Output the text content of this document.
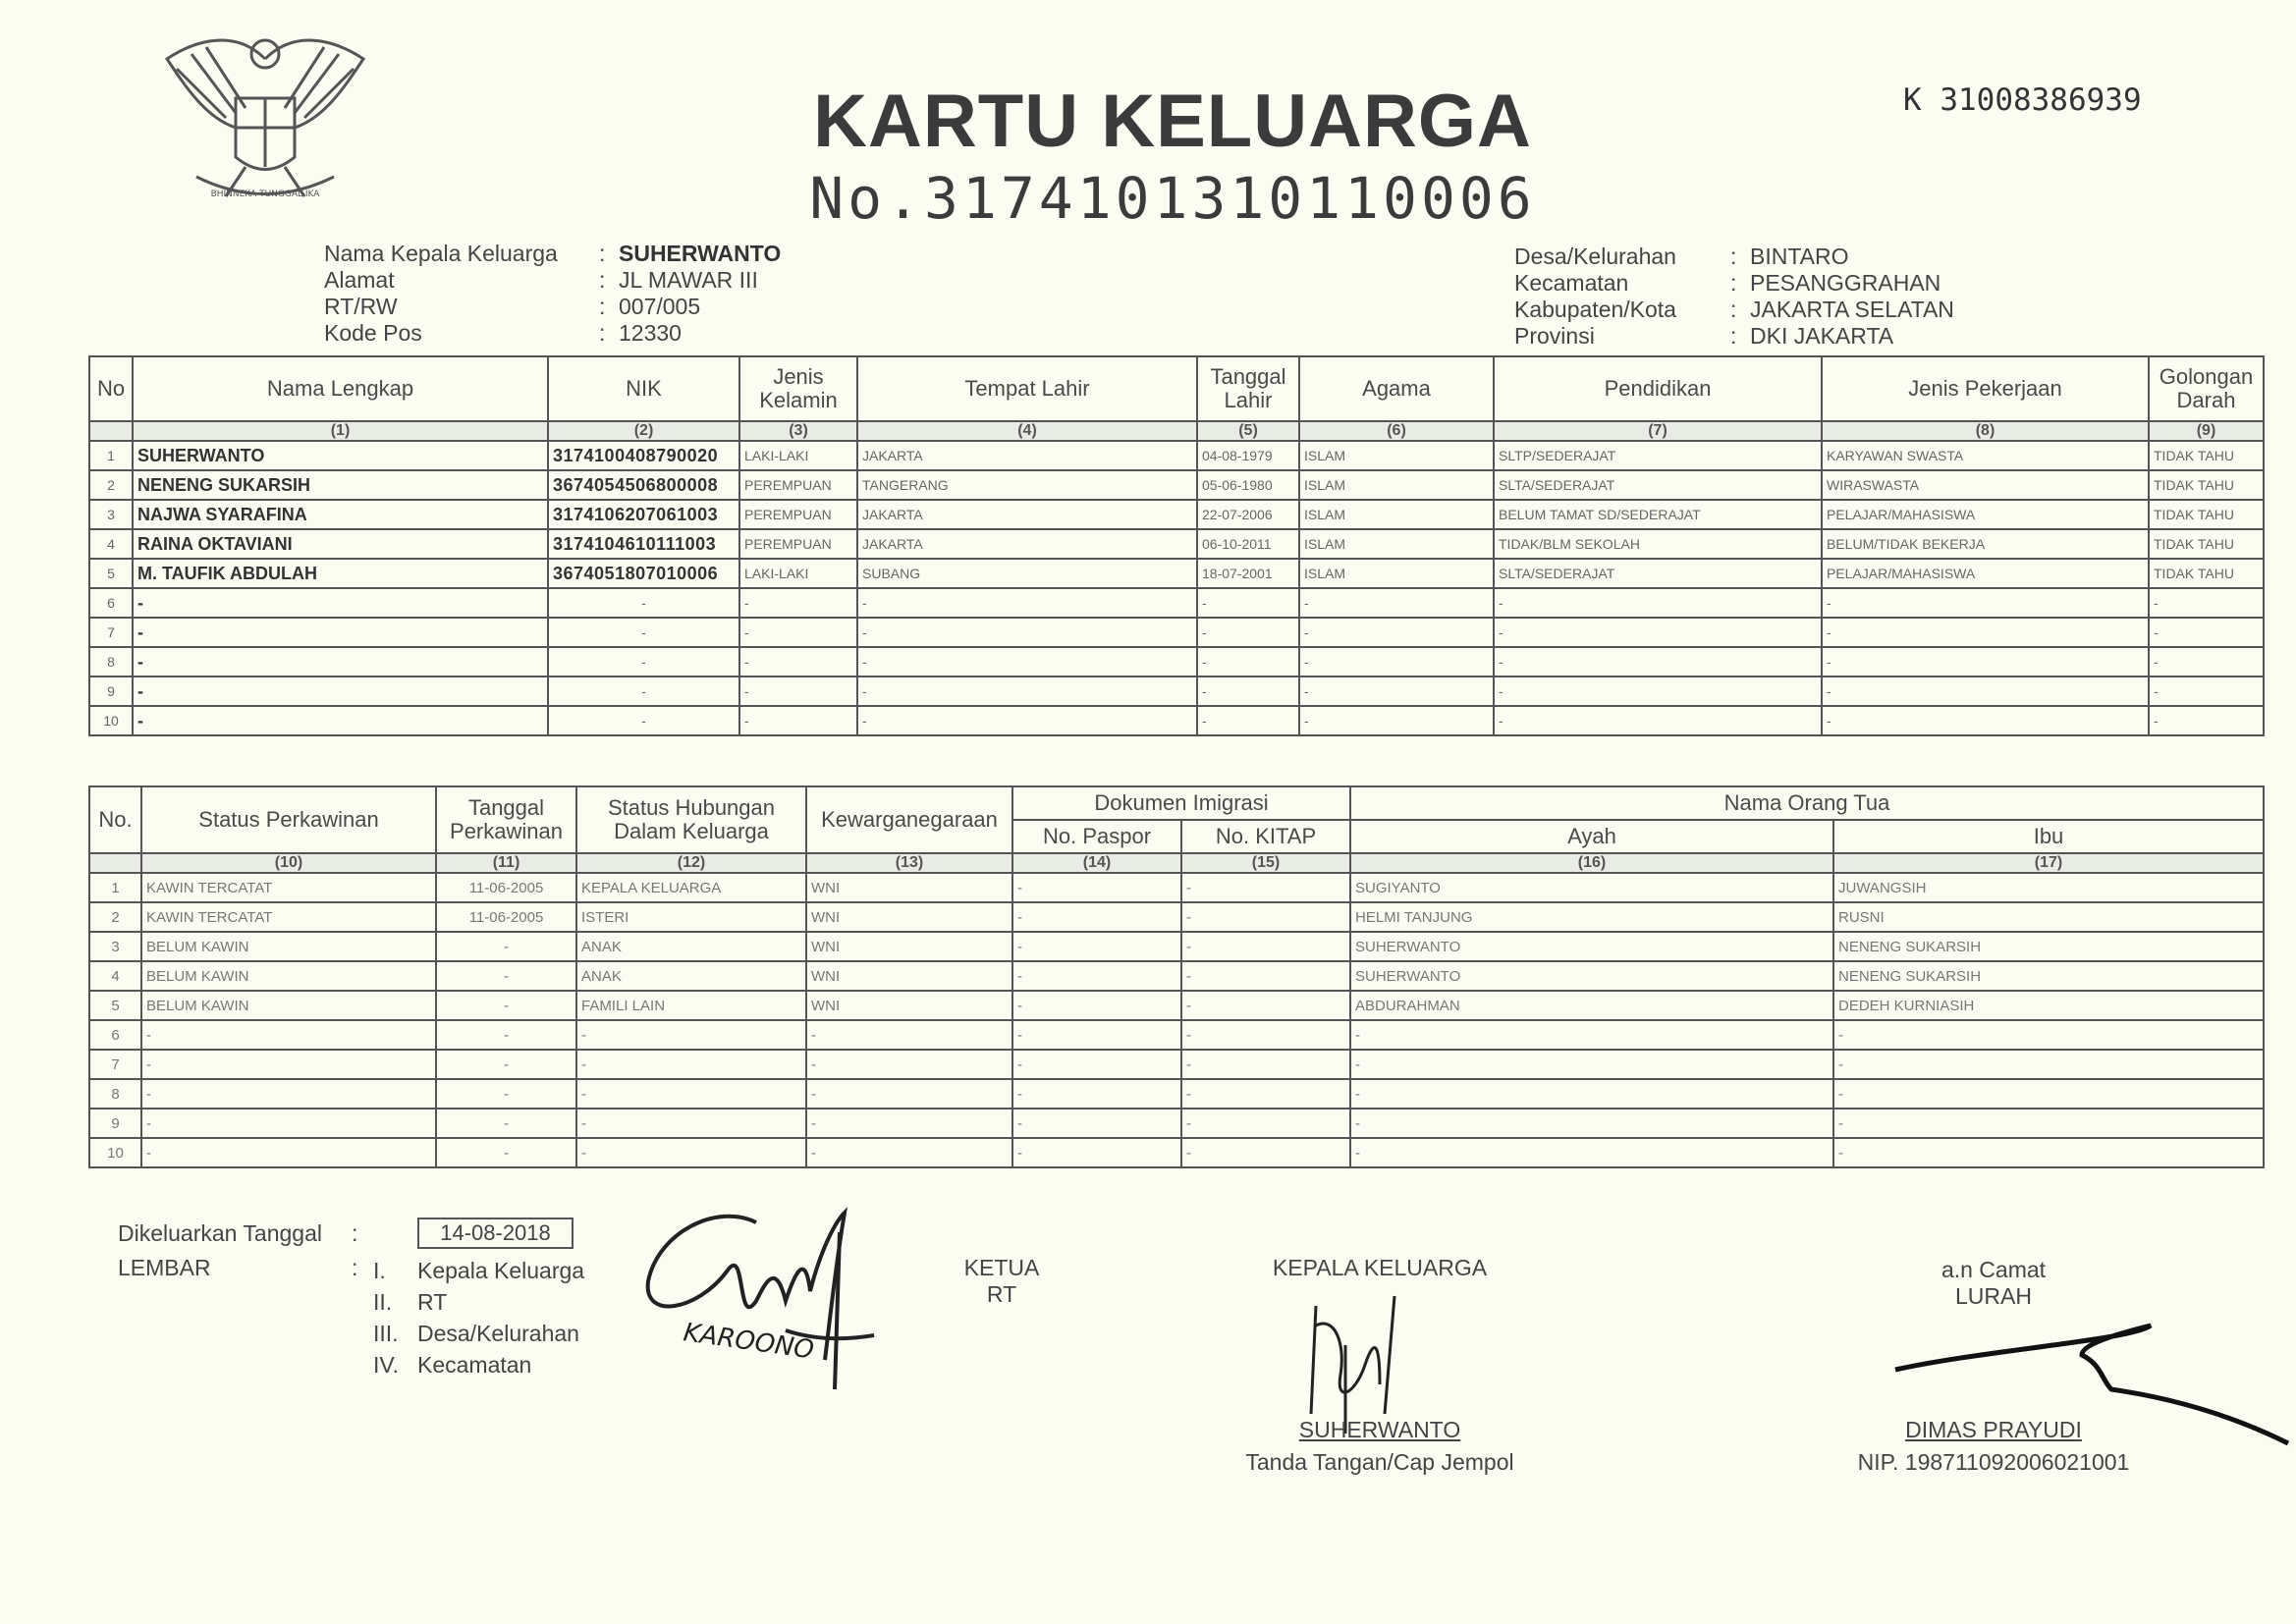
BHINNEKA TUNGGAL IKA
KARTU KELUARGA
No.3174101310110006
K 31008386939
Nama Kepala Keluarga	: SUHERWANTO
Alamat	: JL MAWAR III
RT/RW	: 007/005
Kode Pos	: 12330
Desa/Kelurahan	: BINTARO
Kecamatan	: PESANGGRAHAN
Kabupaten/Kota	: JAKARTA SELATAN
Provinsi	: DKI JAKARTA
No	Nama Lengkap	NIK	Jenis Kelamin	Tempat Lahir	Tanggal Lahir	Agama	Pendidikan	Jenis Pekerjaan	Golongan Darah
	(1)	(2)	(3)	(4)	(5)	(6)	(7)	(8)	(9)
1	SUHERWANTO	3174100408790020	LAKI-LAKI	JAKARTA	04-08-1979	ISLAM	SLTP/SEDERAJAT	KARYAWAN SWASTA	TIDAK TAHU
2	NENENG SUKARSIH	3674054506800008	PEREMPUAN	TANGERANG	05-06-1980	ISLAM	SLTA/SEDERAJAT	WIRASWASTA	TIDAK TAHU
3	NAJWA SYARAFINA	3174106207061003	PEREMPUAN	JAKARTA	22-07-2006	ISLAM	BELUM TAMAT SD/SEDERAJAT	PELAJAR/MAHASISWA	TIDAK TAHU
4	RAINA OKTAVIANI	3174104610111003	PEREMPUAN	JAKARTA	06-10-2011	ISLAM	TIDAK/BLM SEKOLAH	BELUM/TIDAK BEKERJA	TIDAK TAHU
5	M. TAUFIK ABDULAH	3674051807010006	LAKI-LAKI	SUBANG	18-07-2001	ISLAM	SLTA/SEDERAJAT	PELAJAR/MAHASISWA	TIDAK TAHU
6	-	-	-	-	-	-	-	-	-
7	-	-	-	-	-	-	-	-	-
8	-	-	-	-	-	-	-	-	-
9	-	-	-	-	-	-	-	-	-
10	-	-	-	-	-	-	-	-	-
No.	Status Perkawinan	Tanggal Perkawinan	Status Hubungan Dalam Keluarga	Kewarganegaraan	Dokumen Imigrasi		Nama Orang Tua	
					No. Paspor	No. KITAP	Ayah	Ibu
	(10)	(11)	(12)	(13)	(14)	(15)	(16)	(17)
1	KAWIN TERCATAT	11-06-2005	KEPALA KELUARGA	WNI	-	-	SUGIYANTO	JUWANGSIH
2	KAWIN TERCATAT	11-06-2005	ISTERI	WNI	-	-	HELMI TANJUNG	RUSNI
3	BELUM KAWIN	-	ANAK	WNI	-	-	SUHERWANTO	NENENG SUKARSIH
4	BELUM KAWIN	-	ANAK	WNI	-	-	SUHERWANTO	NENENG SUKARSIH
5	BELUM KAWIN	-	FAMILI LAIN	WNI	-	-	ABDURAHMAN	DEDEH KURNIASIH
6	-	-	-	-	-	-	-	-
7	-	-	-	-	-	-	-	-
8	-	-	-	-	-	-	-	-
9	-	-	-	-	-	-	-	-
10	-	-	-	-	-	-	-	-
Dikeluarkan Tanggal :	14-08-2018
LEMBAR	: I. Kepala Keluarga
II. RT
III. Desa/Kelurahan
IV. Kecamatan	KAROONO
KETUA
RT
KEPALA KELUARGA
SUHERWANTO
Tanda Tangan/Cap Jempol
a.n Camat
LURAH
DIMAS PRAYUDI
NIP. 198711092006021001
